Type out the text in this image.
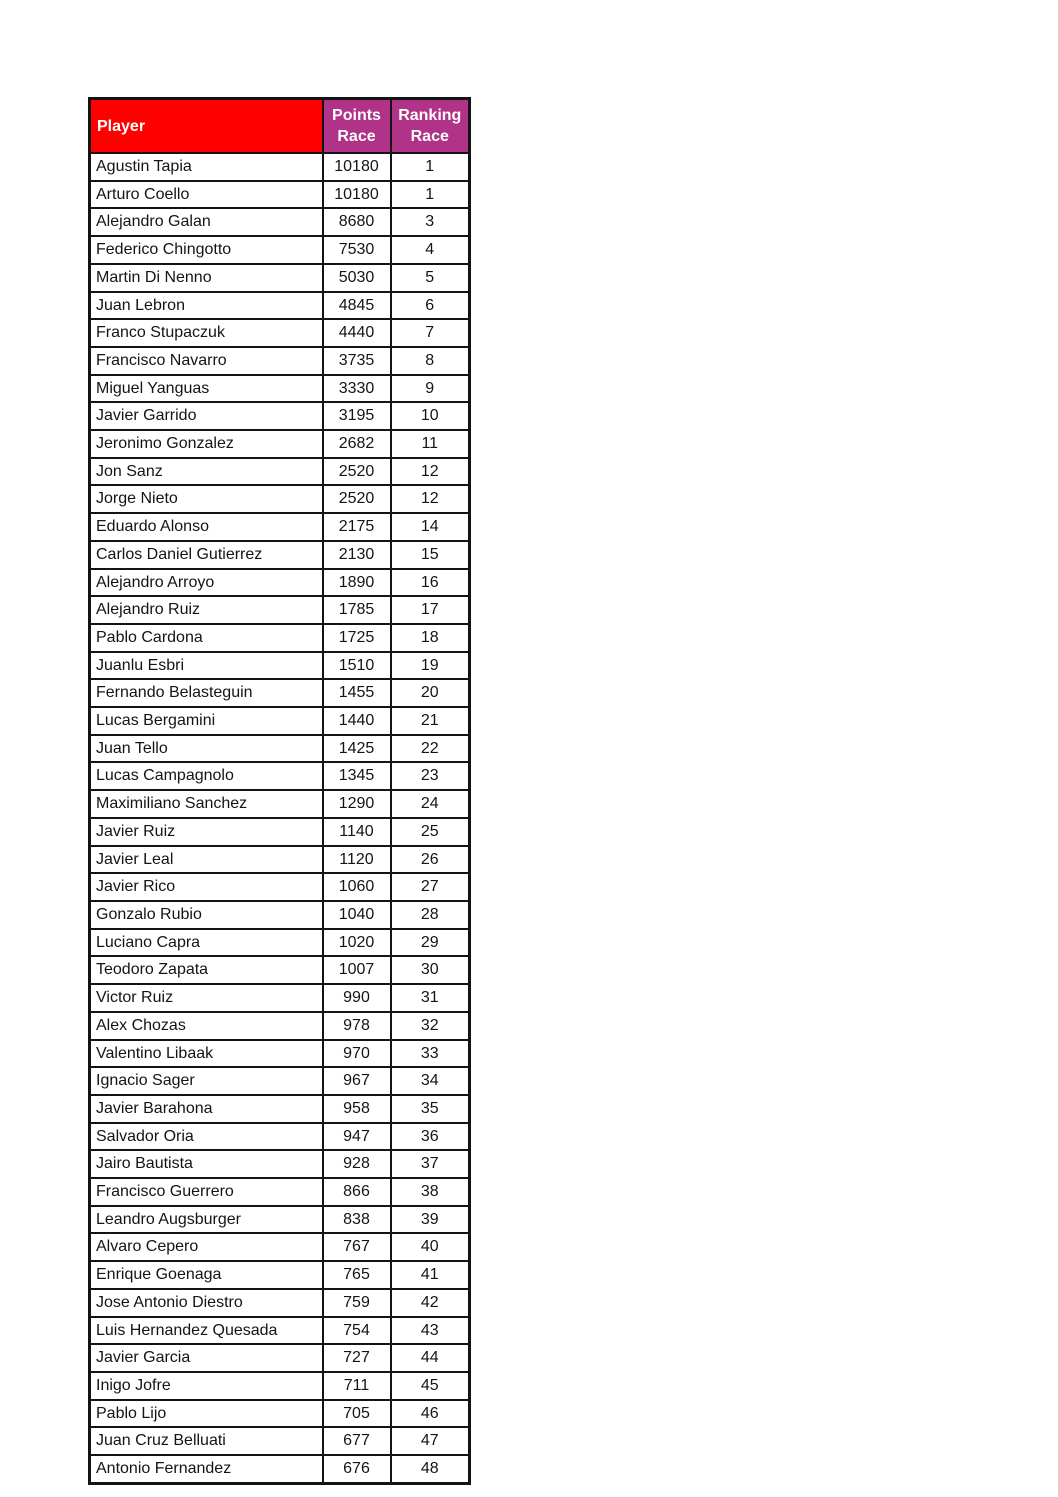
Player	Points Race	Ranking Race
Agustin Tapia	10180	1
Arturo Coello	10180	1
Alejandro Galan	8680	3
Federico Chingotto	7530	4
Martin Di Nenno	5030	5
Juan Lebron	4845	6
Franco Stupaczuk	4440	7
Francisco Navarro	3735	8
Miguel Yanguas	3330	9
Javier Garrido	3195	10
Jeronimo Gonzalez	2682	11
Jon Sanz	2520	12
Jorge Nieto	2520	12
Eduardo Alonso	2175	14
Carlos Daniel Gutierrez	2130	15
Alejandro Arroyo	1890	16
Alejandro Ruiz	1785	17
Pablo Cardona	1725	18
Juanlu Esbri	1510	19
Fernando Belasteguin	1455	20
Lucas Bergamini	1440	21
Juan Tello	1425	22
Lucas Campagnolo	1345	23
Maximiliano Sanchez	1290	24
Javier Ruiz	1140	25
Javier Leal	1120	26
Javier Rico	1060	27
Gonzalo Rubio	1040	28
Luciano Capra	1020	29
Teodoro Zapata	1007	30
Victor Ruiz	990	31
Alex Chozas	978	32
Valentino Libaak	970	33
Ignacio Sager	967	34
Javier Barahona	958	35
Salvador Oria	947	36
Jairo Bautista	928	37
Francisco Guerrero	866	38
Leandro Augsburger	838	39
Alvaro Cepero	767	40
Enrique Goenaga	765	41
Jose Antonio Diestro	759	42
Luis Hernandez Quesada	754	43
Javier Garcia	727	44
Inigo Jofre	711	45
Pablo Lijo	705	46
Juan Cruz Belluati	677	47
Antonio Fernandez	676	48
